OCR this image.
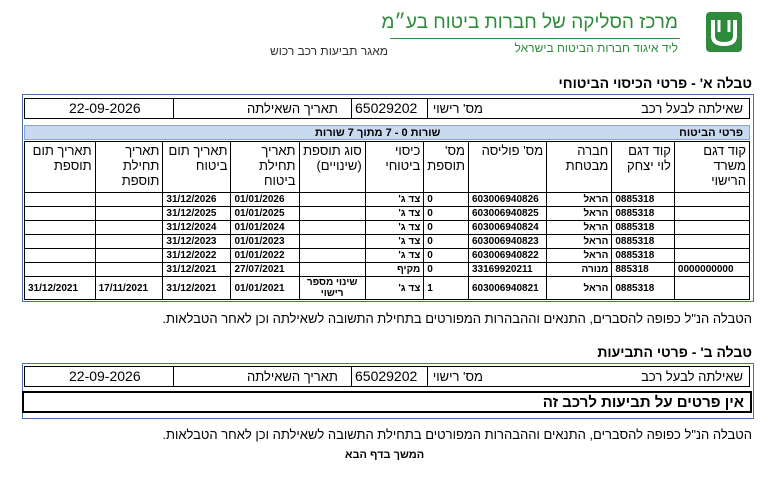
מרכז הסליקה של חברות ביטוח בע״מ
ליד איגוד חברות הביטוח בישראל
מאגר תביעות רכב רכוש
טבלה א' - פרטי הכיסוי הביטוחי
שאילתה לבעל רכב
מס' רישוי
65029202
תאריך השאילתה
22-09-2026
פרטי הביטוח
שורות 0 - 7 מתוך 7 שורות
קוד דגם משרד הרישוי	קוד דגם לוי יצחק	חברה מבטחת	מס' פוליסה	מס' תוספת	כיסוי ביטוחי	סוג תוספת (שינויים)	תאריך תחילת ביטוח	תאריך תום ביטוח	תאריך תחילת תוספת	תאריך תום תוספת
	0885318	הראל	603006940826	0	צד ג'		01/01/2026	31/12/2026		
	0885318	הראל	603006940825	0	צד ג'		01/01/2025	31/12/2025		
	0885318	הראל	603006940824	0	צד ג'		01/01/2024	31/12/2024		
	0885318	הראל	603006940823	0	צד ג'		01/01/2023	31/12/2023		
	0885318	הראל	603006940822	0	צד ג'		01/01/2022	31/12/2022		
0000000000	885318	מנורה	33169920211	0	מקיף		27/07/2021	31/12/2021		
	0885318	הראל	603006940821	1	צד ג'	שינוי מספר רישוי	01/01/2021	31/12/2021	17/11/2021	31/12/2021
הטבלה הנ"ל כפופה להסברים, התנאים וההבהרות המפורטים בתחילת התשובה לשאילתה וכן לאחר הטבלאות.
טבלה ב' - פרטי התביעות
שאילתה לבעל רכב
מס' רישוי
65029202
תאריך השאילתה
22-09-2026
אין פרטים על תביעות לרכב זה
הטבלה הנ"ל כפופה להסברים, התנאים וההבהרות המפורטים בתחילת התשובה לשאילתה וכן לאחר הטבלאות.
המשך בדף הבא
